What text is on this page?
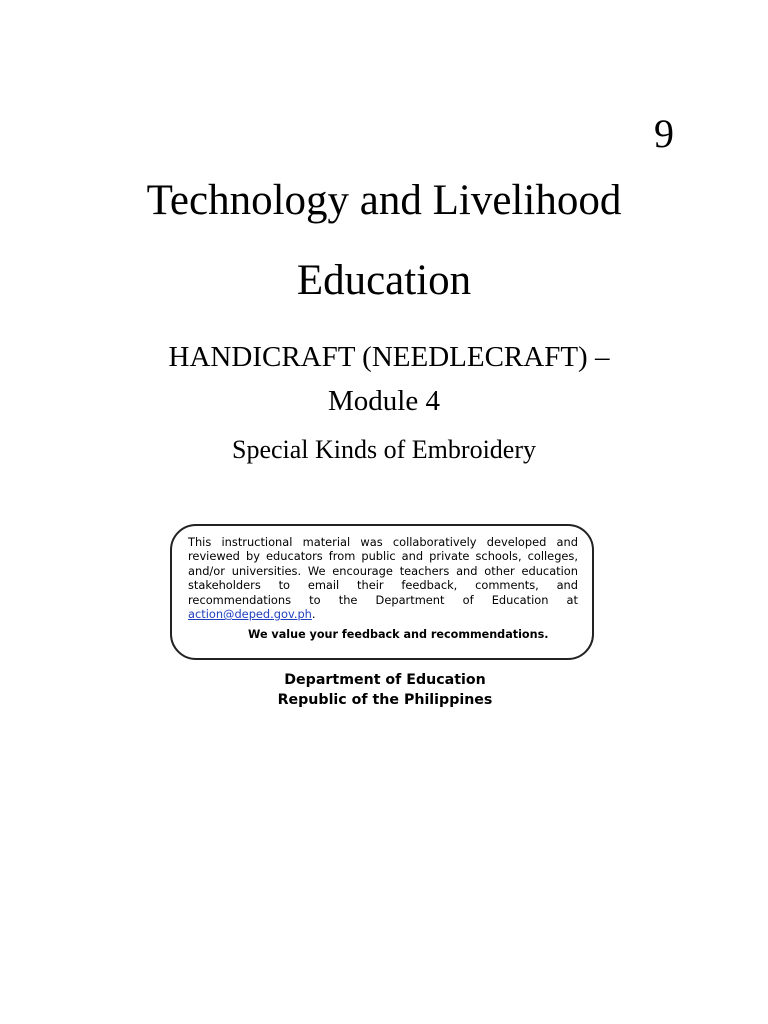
9
Technology and Livelihood
Education
HANDICRAFT (NEEDLECRAFT) –
Module 4
Special Kinds of Embroidery

This instructional material was collaboratively developed and reviewed by educators from public and private schools, colleges, and/or universities. We encourage teachers and other education stakeholders to email their feedback, comments, and recommendations to the Department of Education at action@deped.gov.ph.

We value your feedback and recommendations.

Department of Education
Republic of the Philippines
